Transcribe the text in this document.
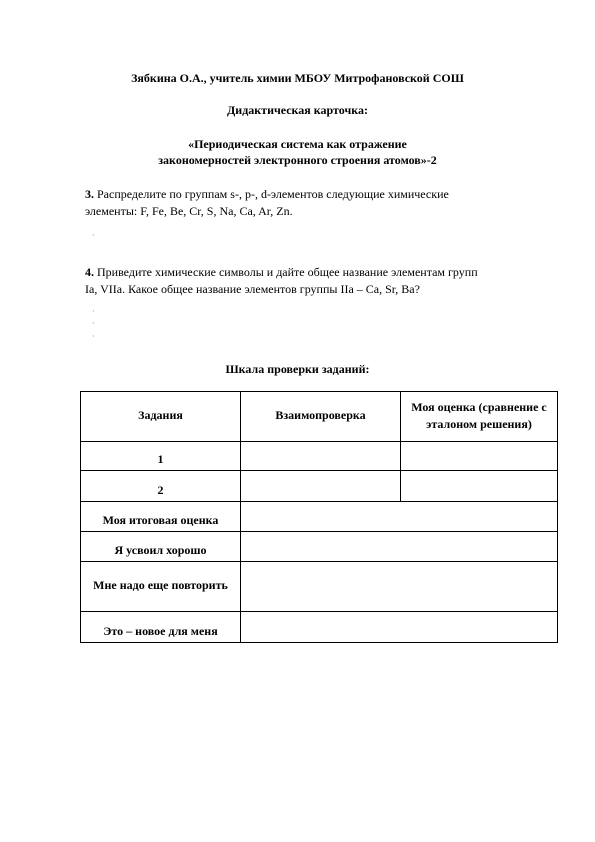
Зябкина О.А., учитель химии МБОУ Митрофановской СОШ
Дидактическая карточка:
«Периодическая система как отражение
закономерностей электронного строения атомов»-2
3. Распределите по группам s-, p-, d-элементов следующие химические
элементы: F, Fe, Be, Cr, S, Na, Ca, Ar, Zn.
·
4. Приведите химические символы и дайте общее название элементам групп
Ia, VIIa. Какое общее название элементов группы IIa – Ca, Sr, Ba?
·
·
·
Шкала проверки заданий:
Задания	Взаимопроверка	Моя оценка (сравнение с эталоном решения)
1		
2		
Моя итоговая оценка		
Я усвоил хорошо		
Мне надо еще повторить		
Это – новое для меня		
